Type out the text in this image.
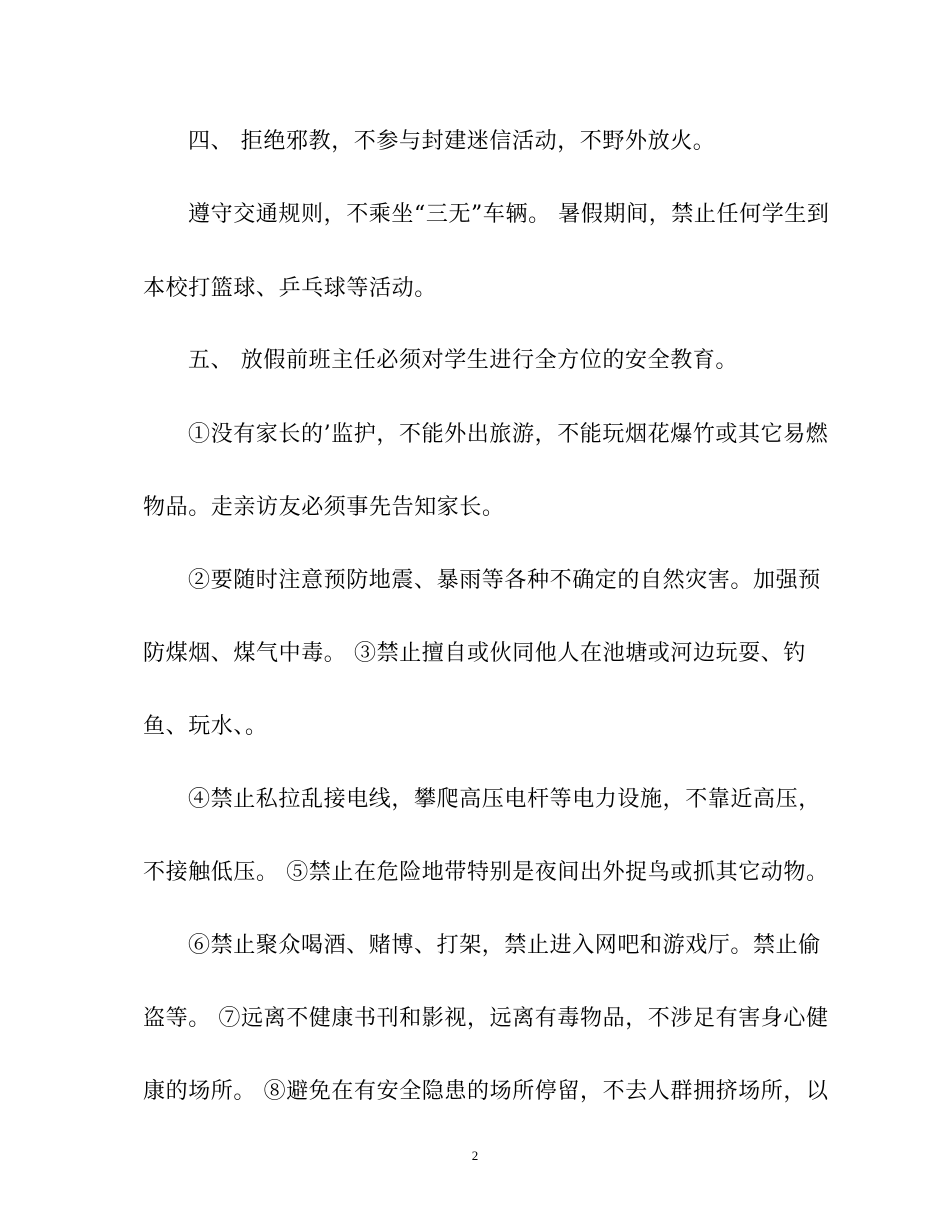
四、 拒绝邪教，不参与封建迷信活动，不野外放火。
遵守交通规则，不乘坐“三无”车辆。 暑假期间，禁止任何学生到
本校打篮球、乒乓球等活动。
五、 放假前班主任必须对学生进行全方位的安全教育。
①没有家长的’监护，不能外出旅游，不能玩烟花爆竹或其它易燃
物品。走亲访友必须事先告知家长。
②要随时注意预防地震、暴雨等各种不确定的自然灾害。加强预
防煤烟、煤气中毒。 ③禁止擅自或伙同他人在池塘或河边玩耍、钓
鱼、玩水、。
④禁止私拉乱接电线，攀爬高压电杆等电力设施，不靠近高压，
不接触低压。 ⑤禁止在危险地带特别是夜间出外捉鸟或抓其它动物。
⑥禁止聚众喝酒、赌博、打架，禁止进入网吧和游戏厅。禁止偷
盗等。 ⑦远离不健康书刊和影视，远离有毒物品，不涉足有害身心健
康的场所。 ⑧避免在有安全隐患的场所停留，不去人群拥挤场所，以
2
